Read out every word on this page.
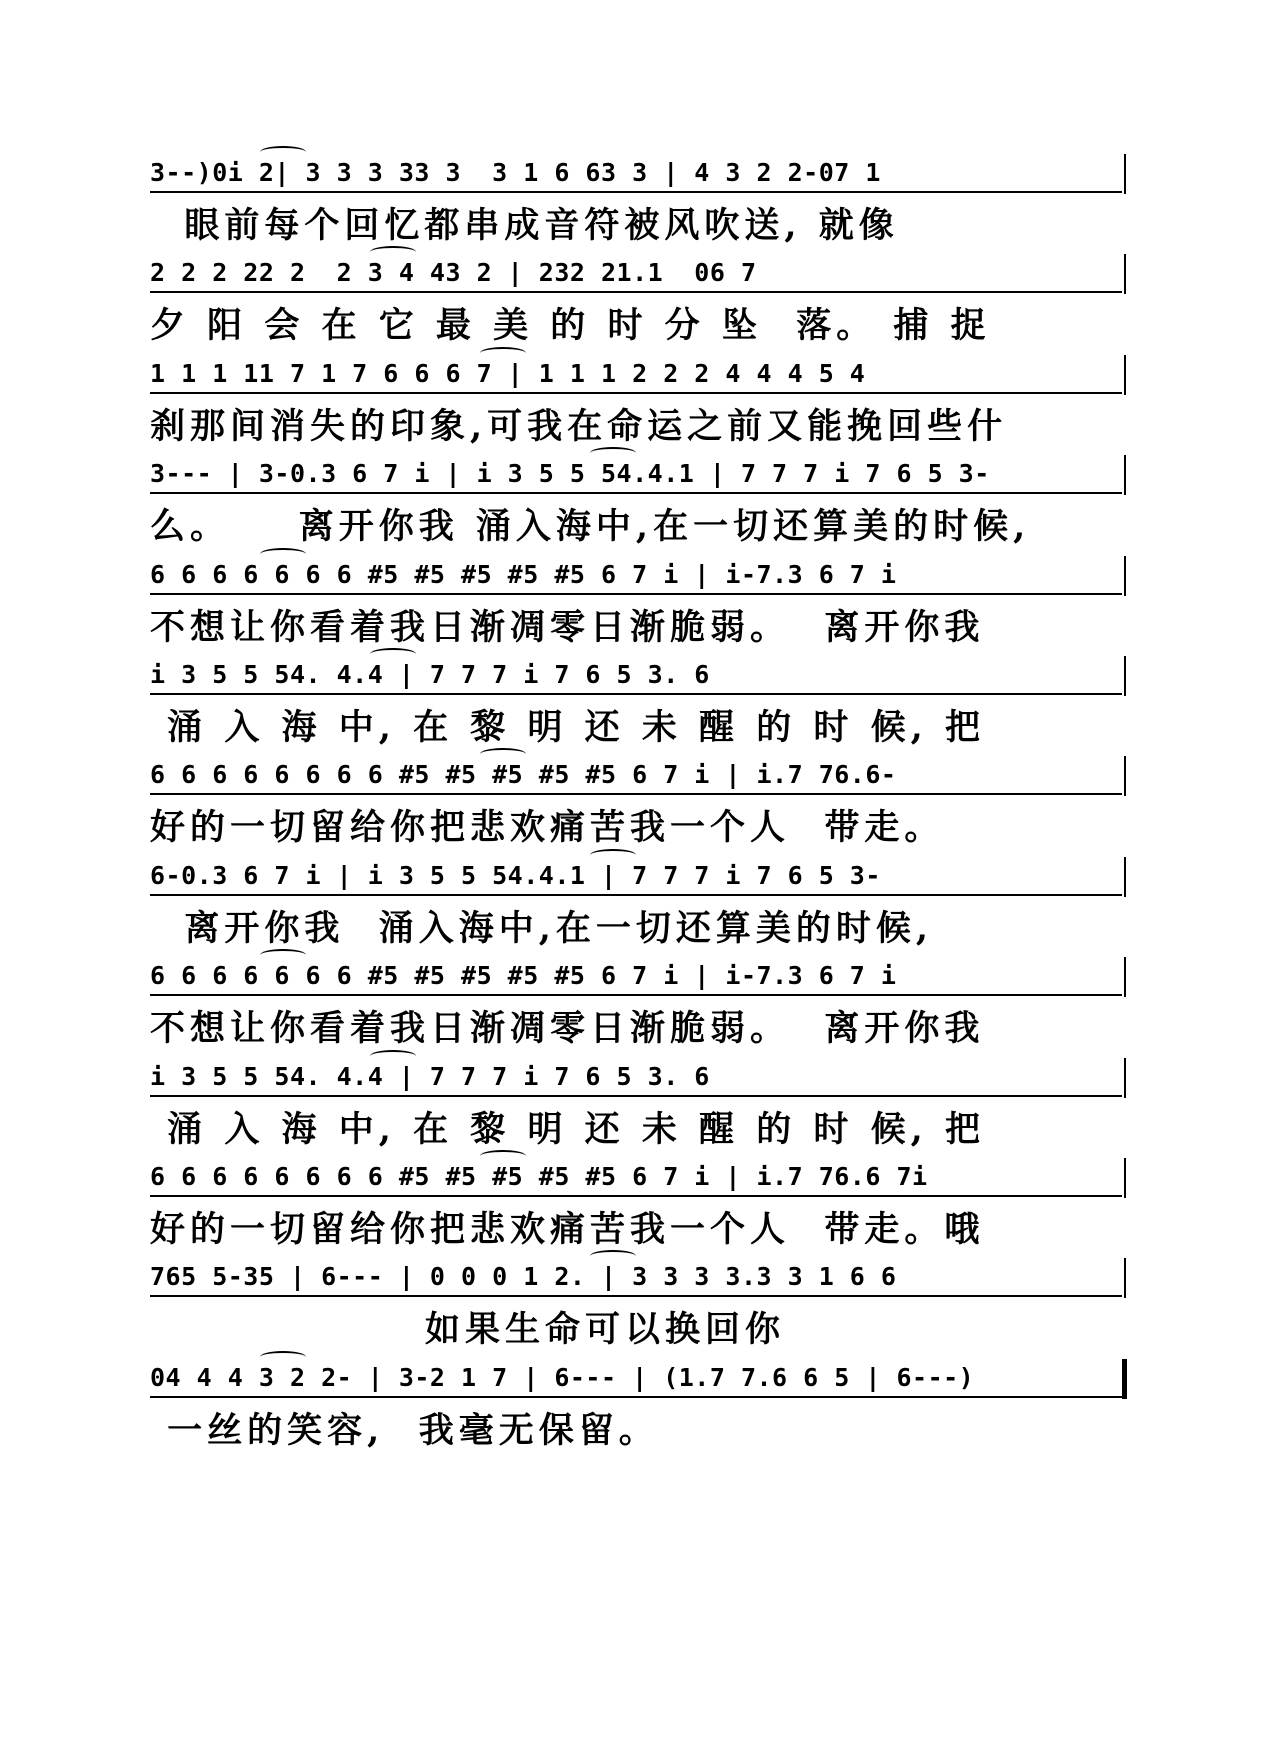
3--)0i 2| 3 3 3 33 3  3 1 6 63 3 | 4 3 2 2-07 1
眼前每个回忆都串成音符被风吹送, 就像
2 2 2 22 2  2 3 4 43 2 | 232 21.1  06 7
夕 阳 会 在 它 最 美 的 时 分 坠  落。 捕 捉
1 1 1 11 7 1 7 6 6 6 7 | 1 1 1 2 2 2 4 4 4 5 4
刹那间消失的印象,可我在命运之前又能挽回些什
3--- | 3-0.3 6 7 i | i 3 5 5 54.4.1 | 7 7 7 i 7 6 5 3-
么。    离开你我 涌入海中,在一切还算美的时候,
6 6 6 6 6 6 6 #5 #5 #5 #5 #5 6 7 i | i-7.3 6 7 i
不想让你看着我日渐凋零日渐脆弱。  离开你我
i 3 5 5 54. 4.4 | 7 7 7 i 7 6 5 3. 6
涌 入 海 中, 在 黎 明 还 未 醒 的 时 候, 把
6 6 6 6 6 6 6 6 #5 #5 #5 #5 #5 6 7 i | i.7 76.6-
好的一切留给你把悲欢痛苦我一个人  带走。
6-0.3 6 7 i | i 3 5 5 54.4.1 | 7 7 7 i 7 6 5 3-
离开你我  涌入海中,在一切还算美的时候,
6 6 6 6 6 6 6 #5 #5 #5 #5 #5 6 7 i | i-7.3 6 7 i
不想让你看着我日渐凋零日渐脆弱。  离开你我
i 3 5 5 54. 4.4 | 7 7 7 i 7 6 5 3. 6
涌 入 海 中, 在 黎 明 还 未 醒 的 时 候, 把
6 6 6 6 6 6 6 6 #5 #5 #5 #5 #5 6 7 i | i.7 76.6 7i
好的一切留给你把悲欢痛苦我一个人  带走。哦
765 5-35 | 6--- | 0 0 0 1 2. | 3 3 3 3.3 3 1 6 6
如果生命可以换回你
04 4 4 3 2 2- | 3-2 1 7 | 6--- | (1.7 7.6 6 5 | 6---)
一丝的笑容,  我毫无保留。
